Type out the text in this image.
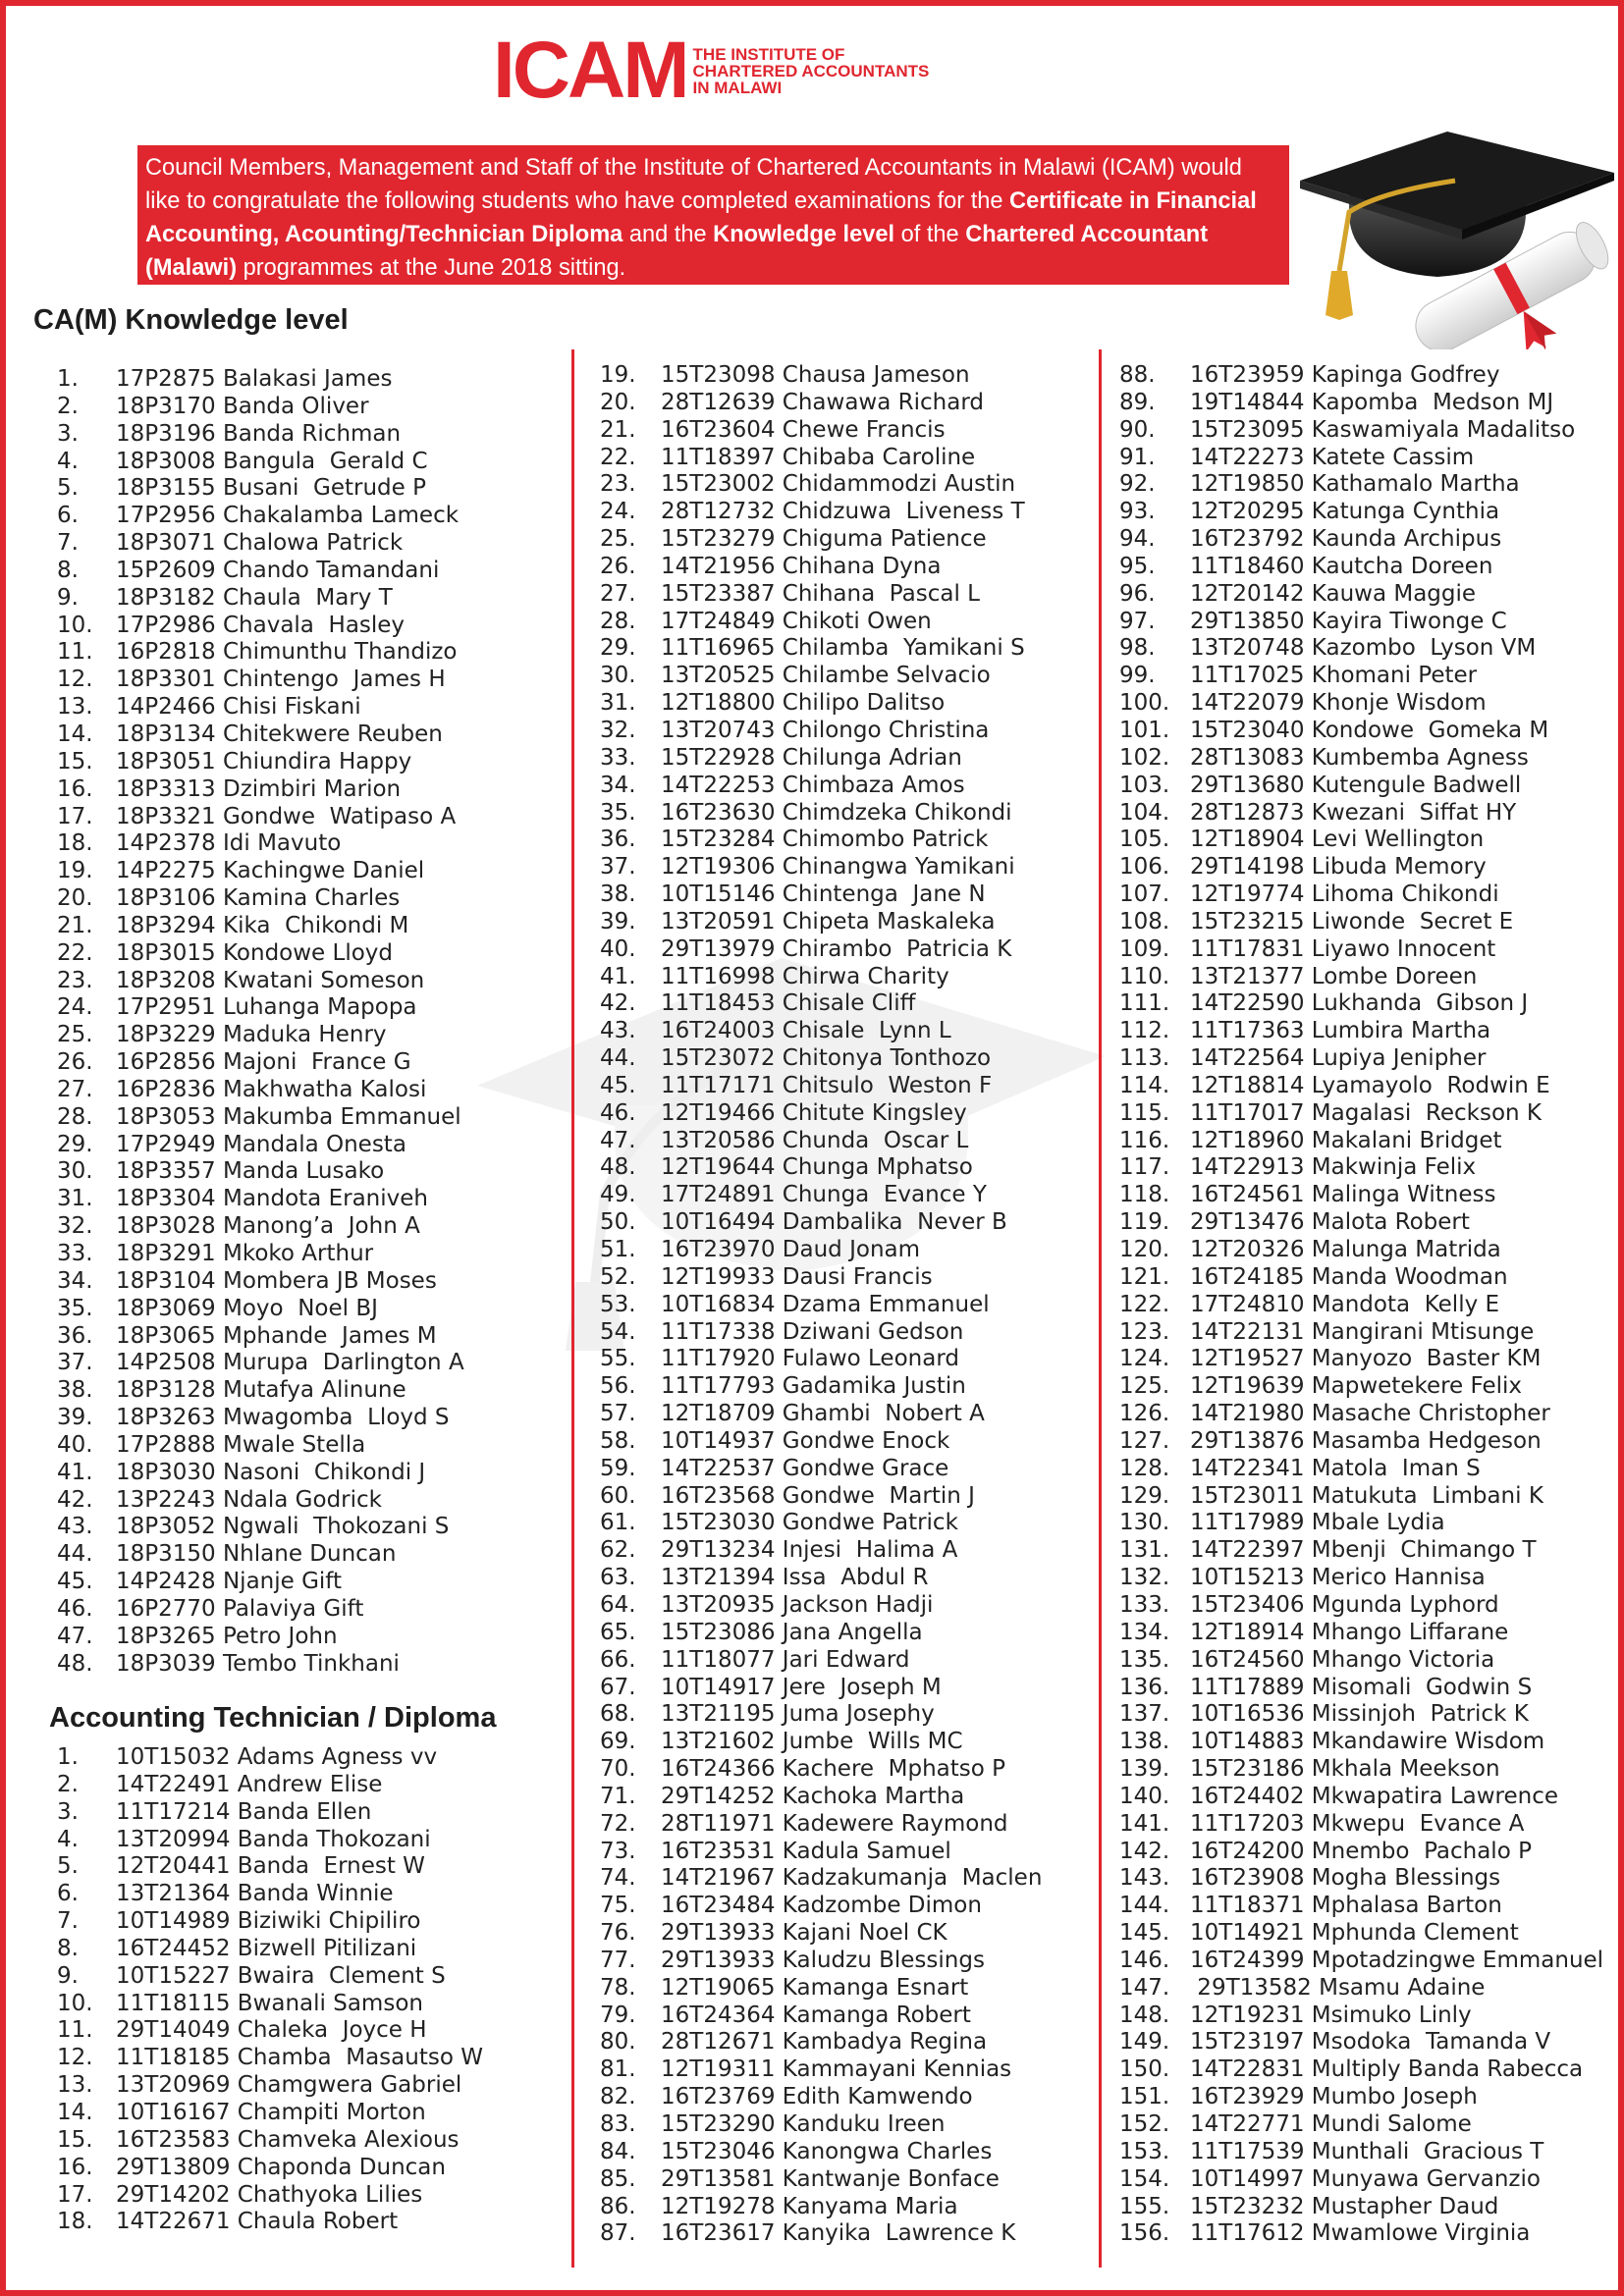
ICAM THE INSTITUTE OF
CHARTERED ACCOUNTANTS
IN MALAWI
Council Members, Management and Staff of the Institute of Chartered Accountants in Malawi (ICAM) would like to congratulate the following students who have completed examinations for the Certificate in Financial Accounting, Acounting/Technician Diploma and the Knowledge level of the Chartered Accountant (Malawi) programmes at the June 2018 sitting.
CA(M) Knowledge level
Accounting Technician / Diploma
1.	17P2875 Balakasi James
2.	18P3170 Banda Oliver
3.	18P3196 Banda Richman
4.	18P3008 Bangula  Gerald C
5.	18P3155 Busani  Getrude P
6.	17P2956 Chakalamba Lameck
7.	18P3071 Chalowa Patrick
8.	15P2609 Chando Tamandani
9.	18P3182 Chaula  Mary T
10.	17P2986 Chavala  Hasley
11.	16P2818 Chimunthu Thandizo
12.	18P3301 Chintengo  James H
13.	14P2466 Chisi Fiskani
14.	18P3134 Chitekwere Reuben
15.	18P3051 Chiundira Happy
16.	18P3313 Dzimbiri Marion
17.	18P3321 Gondwe  Watipaso A
18.	14P2378 Idi Mavuto
19.	14P2275 Kachingwe Daniel
20.	18P3106 Kamina Charles
21.	18P3294 Kika  Chikondi M
22.	18P3015 Kondowe Lloyd
23.	18P3208 Kwatani Someson
24.	17P2951 Luhanga Mapopa
25.	18P3229 Maduka Henry
26.	16P2856 Majoni  France G
27.	16P2836 Makhwatha Kalosi
28.	18P3053 Makumba Emmanuel
29.	17P2949 Mandala Onesta
30.	18P3357 Manda Lusako
31.	18P3304 Mandota Eraniveh
32.	18P3028 Manong’a  John A
33.	18P3291 Mkoko Arthur
34.	18P3104 Mombera JB Moses
35.	18P3069 Moyo  Noel BJ
36.	18P3065 Mphande  James M
37.	14P2508 Murupa  Darlington A
38.	18P3128 Mutafya Alinune
39.	18P3263 Mwagomba  Lloyd S
40.	17P2888 Mwale Stella
41.	18P3030 Nasoni  Chikondi J
42.	13P2243 Ndala Godrick
43.	18P3052 Ngwali  Thokozani S
44.	18P3150 Nhlane Duncan
45.	14P2428 Njanje Gift
46.	16P2770 Palaviya Gift
47.	18P3265 Petro John
48.	18P3039 Tembo Tinkhani
1.	10T15032 Adams Agness vv
2.	14T22491 Andrew Elise
3.	11T17214 Banda Ellen
4.	13T20994 Banda Thokozani
5.	12T20441 Banda  Ernest W
6.	13T21364 Banda Winnie
7.	10T14989 Biziwiki Chipiliro
8.	16T24452 Bizwell Pitilizani
9.	10T15227 Bwaira  Clement S
10.	11T18115 Bwanali Samson
11.	29T14049 Chaleka  Joyce H
12.	11T18185 Chamba  Masautso W
13.	13T20969 Chamgwera Gabriel
14.	10T16167 Champiti Morton
15.	16T23583 Chamveka Alexious
16.	29T13809 Chaponda Duncan
17.	29T14202 Chathyoka Lilies
18.	14T22671 Chaula Robert
19.	15T23098 Chausa Jameson
20.	28T12639 Chawawa Richard
21.	16T23604 Chewe Francis
22.	11T18397 Chibaba Caroline
23.	15T23002 Chidammodzi Austin
24.	28T12732 Chidzuwa  Liveness T
25.	15T23279 Chiguma Patience
26.	14T21956 Chihana Dyna
27.	15T23387 Chihana  Pascal L
28.	17T24849 Chikoti Owen
29.	11T16965 Chilamba  Yamikani S
30.	13T20525 Chilambe Selvacio
31.	12T18800 Chilipo Dalitso
32.	13T20743 Chilongo Christina
33.	15T22928 Chilunga Adrian
34.	14T22253 Chimbaza Amos
35.	16T23630 Chimdzeka Chikondi
36.	15T23284 Chimombo Patrick
37.	12T19306 Chinangwa Yamikani
38.	10T15146 Chintenga  Jane N
39.	13T20591 Chipeta Maskaleka
40.	29T13979 Chirambo  Patricia K
41.	11T16998 Chirwa Charity
42.	11T18453 Chisale Cliff
43.	16T24003 Chisale  Lynn L
44.	15T23072 Chitonya Tonthozo
45.	11T17171 Chitsulo  Weston F
46.	12T19466 Chitute Kingsley
47.	13T20586 Chunda  Oscar L
48.	12T19644 Chunga Mphatso
49.	17T24891 Chunga  Evance Y
50.	10T16494 Dambalika  Never B
51.	16T23970 Daud Jonam
52.	12T19933 Dausi Francis
53.	10T16834 Dzama Emmanuel
54.	11T17338 Dziwani Gedson
55.	11T17920 Fulawo Leonard
56.	11T17793 Gadamika Justin
57.	12T18709 Ghambi  Nobert A
58.	10T14937 Gondwe Enock
59.	14T22537 Gondwe Grace
60.	16T23568 Gondwe  Martin J
61.	15T23030 Gondwe Patrick
62.	29T13234 Injesi  Halima A
63.	13T21394 Issa  Abdul R
64.	13T20935 Jackson Hadji
65.	15T23086 Jana Angella
66.	11T18077 Jari Edward
67.	10T14917 Jere  Joseph M
68.	13T21195 Juma Josephy
69.	13T21602 Jumbe  Wills MC
70.	16T24366 Kachere  Mphatso P
71.	29T14252 Kachoka Martha
72.	28T11971 Kadewere Raymond
73.	16T23531 Kadula Samuel
74.	14T21967 Kadzakumanja  Maclen
75.	16T23484 Kadzombe Dimon
76.	29T13933 Kajani Noel CK
77.	29T13933 Kaludzu Blessings
78.	12T19065 Kamanga Esnart
79.	16T24364 Kamanga Robert
80.	28T12671 Kambadya Regina
81.	12T19311 Kammayani Kennias
82.	16T23769 Edith Kamwendo
83.	15T23290 Kanduku Ireen
84.	15T23046 Kanongwa Charles
85.	29T13581 Kantwanje Bonface
86.	12T19278 Kanyama Maria
87.	16T23617 Kanyika  Lawrence K
88.	16T23959 Kapinga Godfrey
89.	19T14844 Kapomba  Medson MJ
90.	15T23095 Kaswamiyala Madalitso
91.	14T22273 Katete Cassim
92.	12T19850 Kathamalo Martha
93.	12T20295 Katunga Cynthia
94.	16T23792 Kaunda Archipus
95.	11T18460 Kautcha Doreen
96.	12T20142 Kauwa Maggie
97.	29T13850 Kayira Tiwonge C
98.	13T20748 Kazombo  Lyson VM
99.	11T17025 Khomani Peter
100. 14T22079 Khonje Wisdom
101. 15T23040 Kondowe  Gomeka M
102. 28T13083 Kumbemba Agness
103. 29T13680 Kutengule Badwell
104. 28T12873 Kwezani  Siffat HY
105. 12T18904 Levi Wellington
106. 29T14198 Libuda Memory
107. 12T19774 Lihoma Chikondi
108. 15T23215 Liwonde  Secret E
109. 11T17831 Liyawo Innocent
110. 13T21377 Lombe Doreen
111. 14T22590 Lukhanda  Gibson J
112. 11T17363 Lumbira Martha
113. 14T22564 Lupiya Jenipher
114. 12T18814 Lyamayolo  Rodwin E
115. 11T17017 Magalasi  Reckson K
116. 12T18960 Makalani Bridget
117. 14T22913 Makwinja Felix
118. 16T24561 Malinga Witness
119. 29T13476 Malota Robert
120. 12T20326 Malunga Matrida
121. 16T24185 Manda Woodman
122. 17T24810 Mandota  Kelly E
123. 14T22131 Mangirani Mtisunge
124. 12T19527 Manyozo  Baster KM
125. 12T19639 Mapwetekere Felix
126. 14T21980 Masache Christopher
127. 29T13876 Masamba Hedgeson
128. 14T22341 Matola  Iman S
129. 15T23011 Matukuta  Limbani K
130. 11T17989 Mbale Lydia
131. 14T22397 Mbenji  Chimango T
132. 10T15213 Merico Hannisa
133. 15T23406 Mgunda Lyphord
134. 12T18914 Mhango Liffarane
135. 16T24560 Mhango Victoria
136. 11T17889 Misomali  Godwin S
137. 10T16536 Missinjoh  Patrick K
138. 10T14883 Mkandawire Wisdom
139. 15T23186 Mkhala Meekson
140. 16T24402 Mkwapatira Lawrence
141. 11T17203 Mkwepu  Evance A
142. 16T24200 Mnembo  Pachalo P
143. 16T23908 Mogha Blessings
144. 11T18371 Mphalasa Barton
145. 10T14921 Mphunda Clement
146. 16T24399 Mpotadzingwe Emmanuel
147. 29T13582 Msamu Adaine
148. 12T19231 Msimuko Linly
149. 15T23197 Msodoka  Tamanda V
150. 14T22831 Multiply Banda Rabecca
151. 16T23929 Mumbo Joseph
152. 14T22771 Mundi Salome
153. 11T17539 Munthali  Gracious T
154. 10T14997 Munyawa Gervanzio
155. 15T23232 Mustapher Daud
156. 11T17612 Mwamlowe Virginia
